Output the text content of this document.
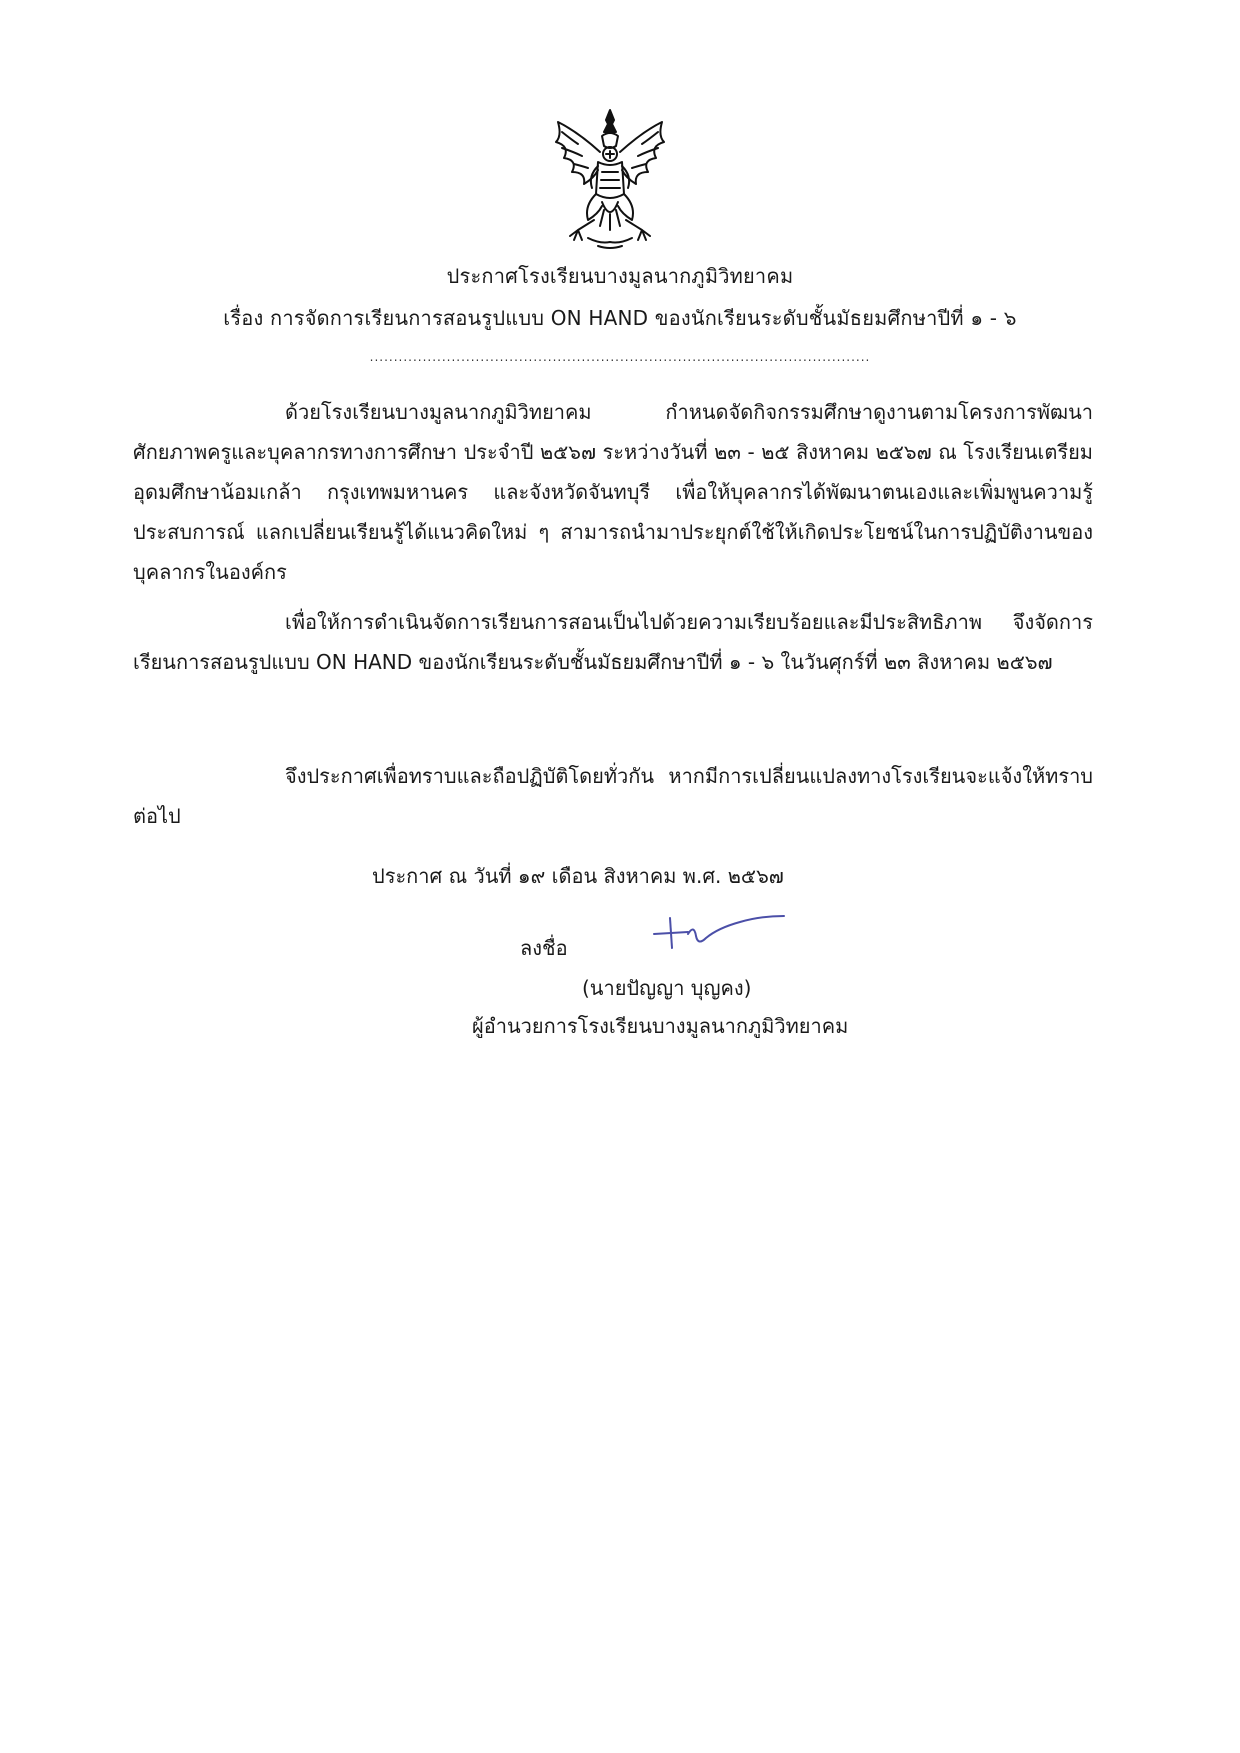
ประกาศโรงเรียนบางมูลนากภูมิวิทยาคม
เรื่อง การจัดการเรียนการสอนรูปแบบ ON HAND ของนักเรียนระดับชั้นมัธยมศึกษาปีที่ ๑ - ๖
........................................................................................................
ด้วยโรงเรียนบางมูลนากภูมิวิทยาคม กำหนดจัดกิจกรรมศึกษาดูงานตามโครงการพัฒนาศักยภาพครูและบุคลากรทางการศึกษา ประจำปี ๒๕๖๗ ระหว่างวันที่ ๒๓ - ๒๕ สิงหาคม ๒๕๖๗ ณ โรงเรียนเตรียมอุดมศึกษาน้อมเกล้า กรุงเทพมหานคร และจังหวัดจันทบุรี เพื่อให้บุคลากรได้พัฒนาตนเองและเพิ่มพูนความรู้ ประสบการณ์ แลกเปลี่ยนเรียนรู้ได้แนวคิดใหม่ ๆ สามารถนำมาประยุกต์ใช้ให้เกิดประโยชน์ในการปฏิบัติงานของบุคลากรในองค์กร
เพื่อให้การดำเนินจัดการเรียนการสอนเป็นไปด้วยความเรียบร้อยและมีประสิทธิภาพ จึงจัดการเรียนการสอนรูปแบบ ON HAND ของนักเรียนระดับชั้นมัธยมศึกษาปีที่ ๑ - ๖ ในวันศุกร์ที่ ๒๓ สิงหาคม ๒๕๖๗
จึงประกาศเพื่อทราบและถือปฏิบัติโดยทั่วกัน หากมีการเปลี่ยนแปลงทางโรงเรียนจะแจ้งให้ทราบต่อไป
ประกาศ ณ วันที่ ๑๙ เดือน สิงหาคม พ.ศ. ๒๕๖๗
ลงชื่อ
(นายปัญญา บุญคง)
ผู้อำนวยการโรงเรียนบางมูลนากภูมิวิทยาคม
